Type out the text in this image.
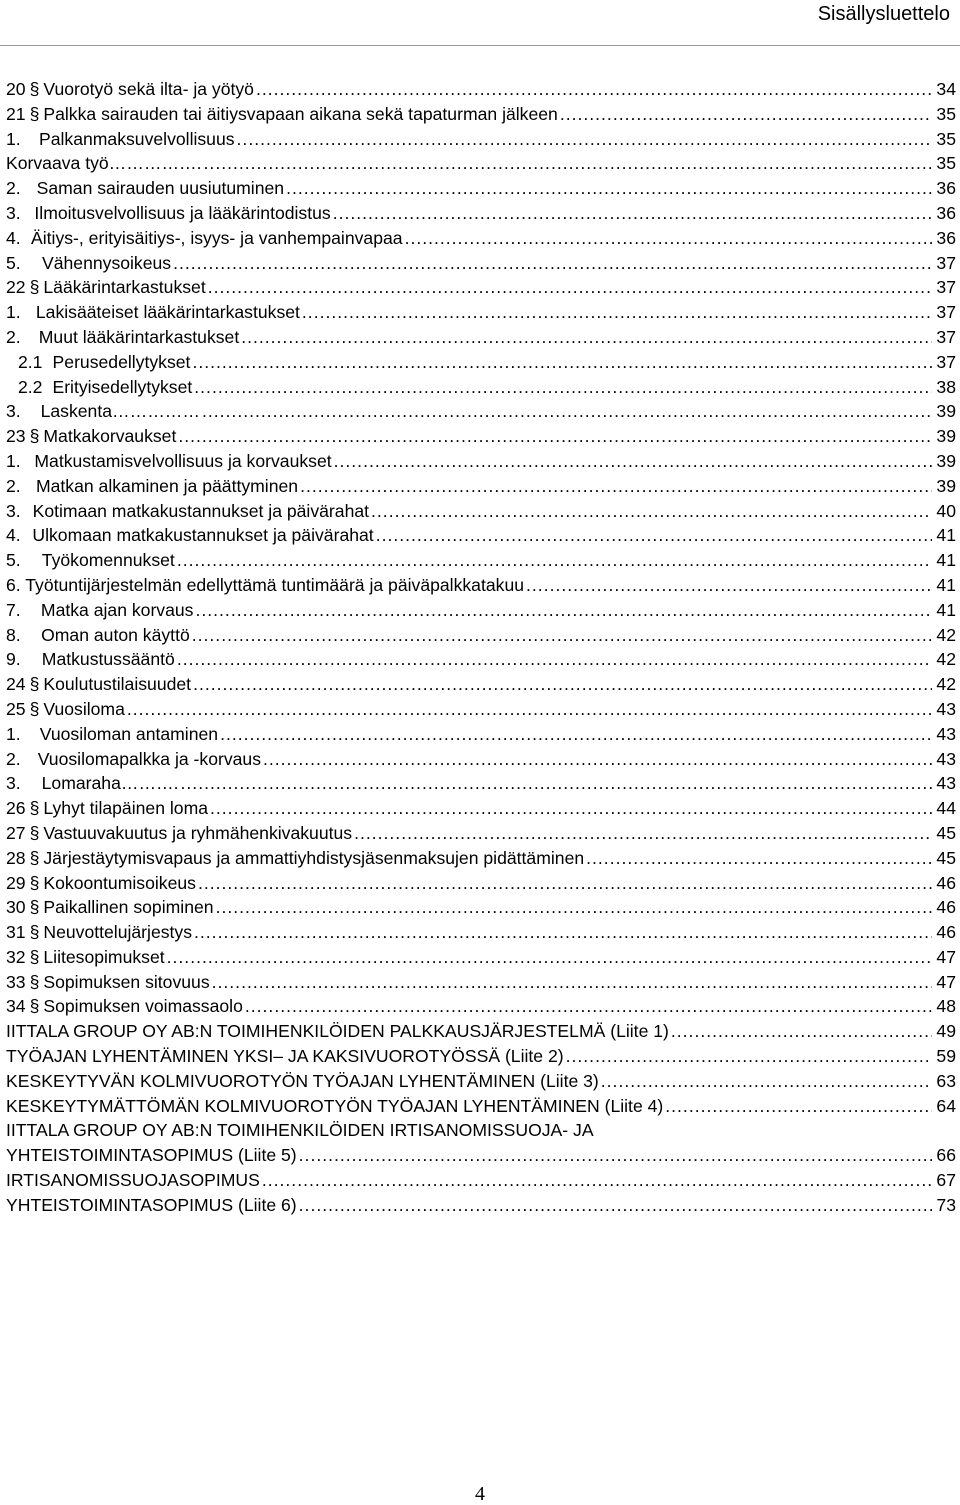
Sisällysluettelo
20 § Vuorotyö sekä ilta- ja yötyö .....	34
21 § Palkka sairauden tai äitiysvapaan aikana sekä tapaturman jälkeen .....	35
1.	Palkanmaksuvelvollisuus .....	35
Korvaava työ……………. .....	35
2. Saman sairauden uusiutuminen .....	36
3. Ilmoitusvelvollisuus ja lääkärintodistus .....	36
4. Äitiys-, erityisäitiys-, isyys- ja vanhempainvapaa .....	36
5.	Vähennysoikeus .....	37
22 § Lääkärintarkastukset .....	37
1. Lakisääteiset lääkärintarkastukset .....	37
2.	Muut lääkärintarkastukset .....	37
2.1 Perusedellytykset .....	37
2.2 Erityisedellytykset .....	38
3.	Laskenta…………… .....	39
23 § Matkakorvaukset .....	39
1. Matkustamisvelvollisuus ja korvaukset .....	39
2. Matkan alkaminen ja päättyminen .....	39
3. Kotimaan matkakustannukset ja päivärahat .....	40
4. Ulkomaan matkakustannukset ja päivärahat .....	41
5.	Työkomennukset .....	41
6. Työtuntijärjestelmän edellyttämä tuntimäärä ja päiväpalkkatakuu .....	41
7.	Matka ajan korvaus .....	41
8.	Oman auton käyttö .....	42
9.	Matkustussääntö .....	42
24 § Koulutustilaisuudet .....	42
25 § Vuosiloma .....	43
1.	Vuosiloman antaminen .....	43
2. Vuosilomapalkka ja -korvaus .....	43
3.	Lomaraha………. .....	43
26 § Lyhyt tilapäinen loma .....	44
27 § Vastuuvakuutus ja ryhmähenkivakuutus .....	45
28 § Järjestäytymisvapaus ja ammattiyhdistysjäsenmaksujen pidättäminen .....	45
29 § Kokoontumisoikeus .....	46
30 § Paikallinen sopiminen .....	46
31 § Neuvottelujärjestys .....	46
32 § Liitesopimukset .....	47
33 § Sopimuksen sitovuus .....	47
34 § Sopimuksen voimassaolo .....	48
IITTALA GROUP OY AB:N TOIMIHENKILÖIDEN PALKKAUSJÄRJESTELMÄ (Liite 1) .....	49
TYÖAJAN LYHENTÄMINEN YKSI– JA KAKSIVUOROTYÖSSÄ (Liite 2) .....	59
KESKEYTYVÄN KOLMIVUOROTYÖN TYÖAJAN LYHENTÄMINEN (Liite 3) .....	63
KESKEYTYMÄTTÖMÄN KOLMIVUOROTYÖN TYÖAJAN LYHENTÄMINEN (Liite 4) .....	64
IITTALA GROUP OY AB:N TOIMIHENKILÖIDEN IRTISANOMISSUOJA- JA
YHTEISTOIMINTASOPIMUS (Liite 5) .....	66
IRTISANOMISSUOJASOPIMUS .....	67
YHTEISTOIMINTASOPIMUS (Liite 6) .....	73
4
